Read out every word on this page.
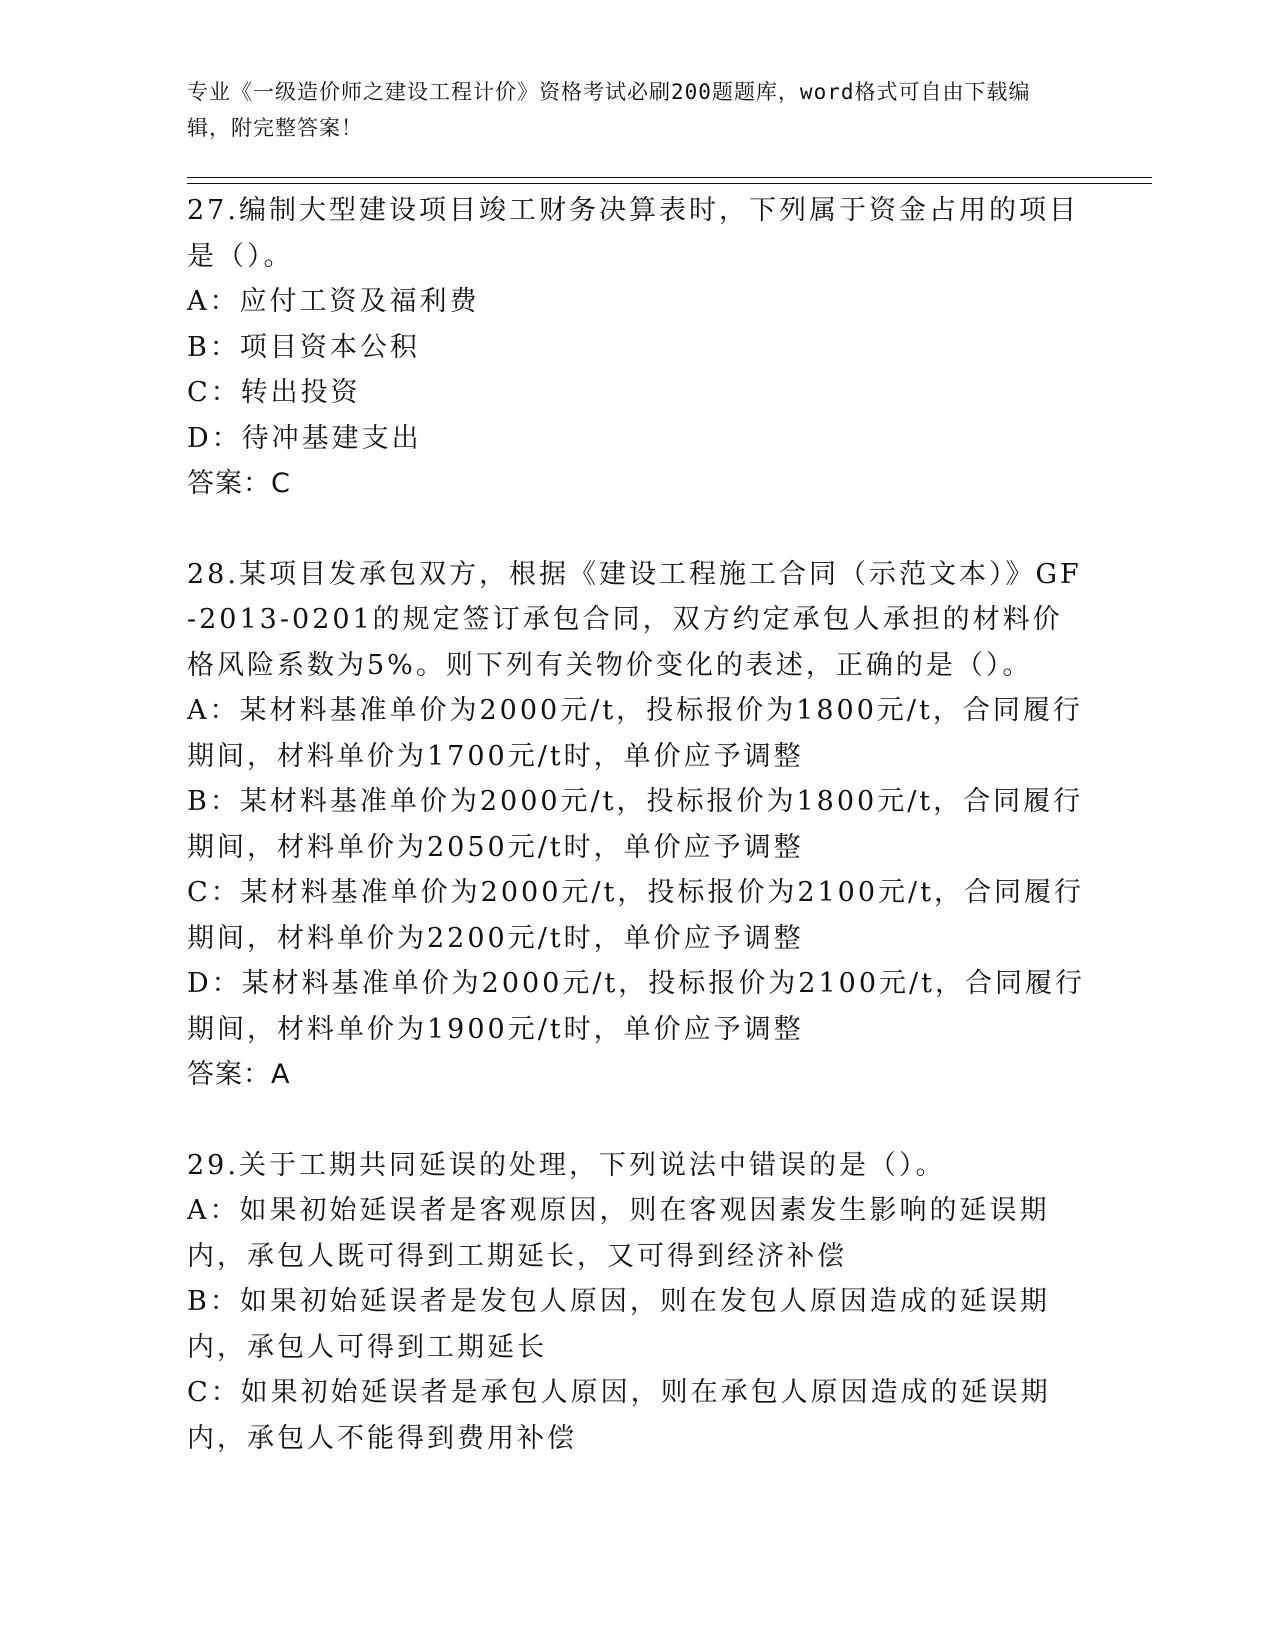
专业《一级造价师之建设工程计价》资格考试必刷200题题库，word格式可自由下载编辑，附完整答案！

27.编制大型建设项目竣工财务决算表时，下列属于资金占用的项目是（）。

A：应付工资及福利费

B：项目资本公积

C：转出投资

D：待冲基建支出

答案：C

28.某项目发承包双方，根据《建设工程施工合同（示范文本）》GF-2013-0201的规定签订承包合同，双方约定承包人承担的材料价格风险系数为5%。则下列有关物价变化的表述，正确的是（）。

A：某材料基准单价为2000元/t，投标报价为1800元/t，合同履行期间，材料单价为1700元/t时，单价应予调整

B：某材料基准单价为2000元/t，投标报价为1800元/t，合同履行期间，材料单价为2050元/t时，单价应予调整

C：某材料基准单价为2000元/t，投标报价为2100元/t，合同履行期间，材料单价为2200元/t时，单价应予调整

D：某材料基准单价为2000元/t，投标报价为2100元/t，合同履行期间，材料单价为1900元/t时，单价应予调整

答案：A

29.关于工期共同延误的处理，下列说法中错误的是（）。

A：如果初始延误者是客观原因，则在客观因素发生影响的延误期内，承包人既可得到工期延长，又可得到经济补偿

B：如果初始延误者是发包人原因，则在发包人原因造成的延误期内，承包人可得到工期延长

C：如果初始延误者是承包人原因，则在承包人原因造成的延误期内，承包人不能得到费用补偿
